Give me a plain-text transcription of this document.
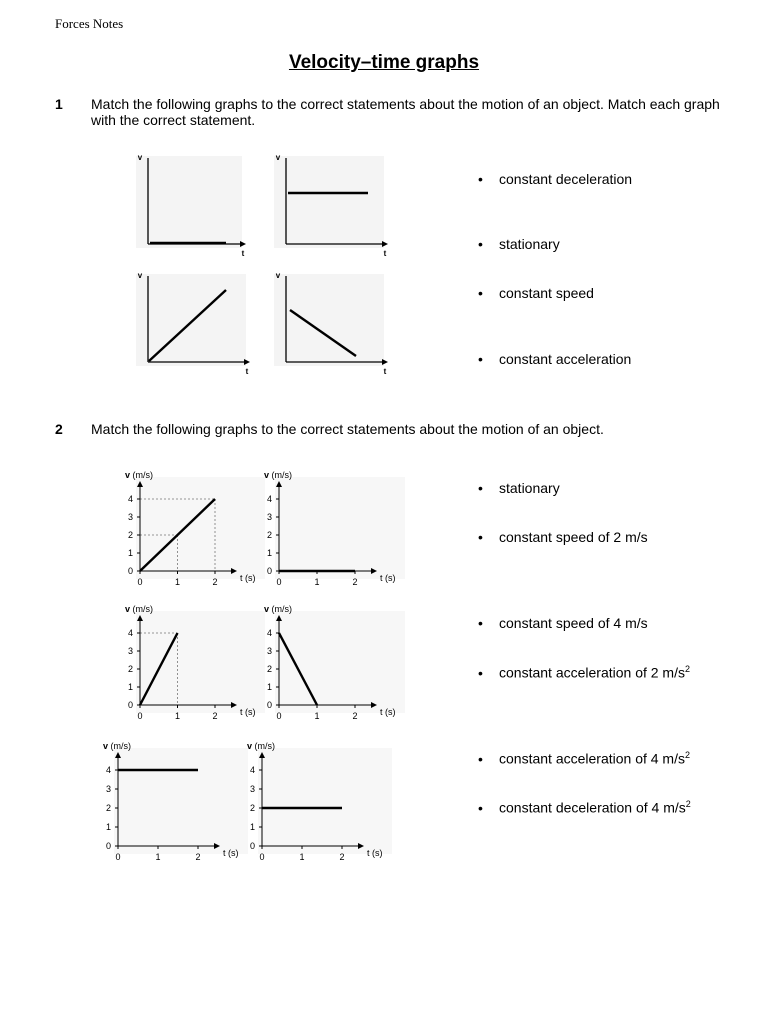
Forces Notes
Velocity–time graphs
1 Match the following graphs to the correct statements about the motion of an object. Match each graph with the correct statement.
• constant deceleration
• stationary
• constant speed
• constant acceleration
2 Match the following graphs to the correct statements about the motion of an object.
• stationary
• constant speed of 2 m/s
• constant speed of 4 m/s
• constant acceleration of 2 $m/s^2$
• constant acceleration of 4 $m/s^2$
• constant deceleration of 4 $m/s^2$
v
t
v
t
v
t
v
t
0
1
2
3
4
0	1	2
v (m/s)
t (s)
0
1
2
3
4
0	1	2
v (m/s)
t (s)
0
1
2
3
4
0	1	2
v (m/s)
t (s)
0
1
2
3
4
0	1	2
v (m/s)
t (s)
0
1
2
3
4
0	1	2
v (m/s)
t (s)
0
1
2
3
4
0	1	2
v (m/s)
t (s)
